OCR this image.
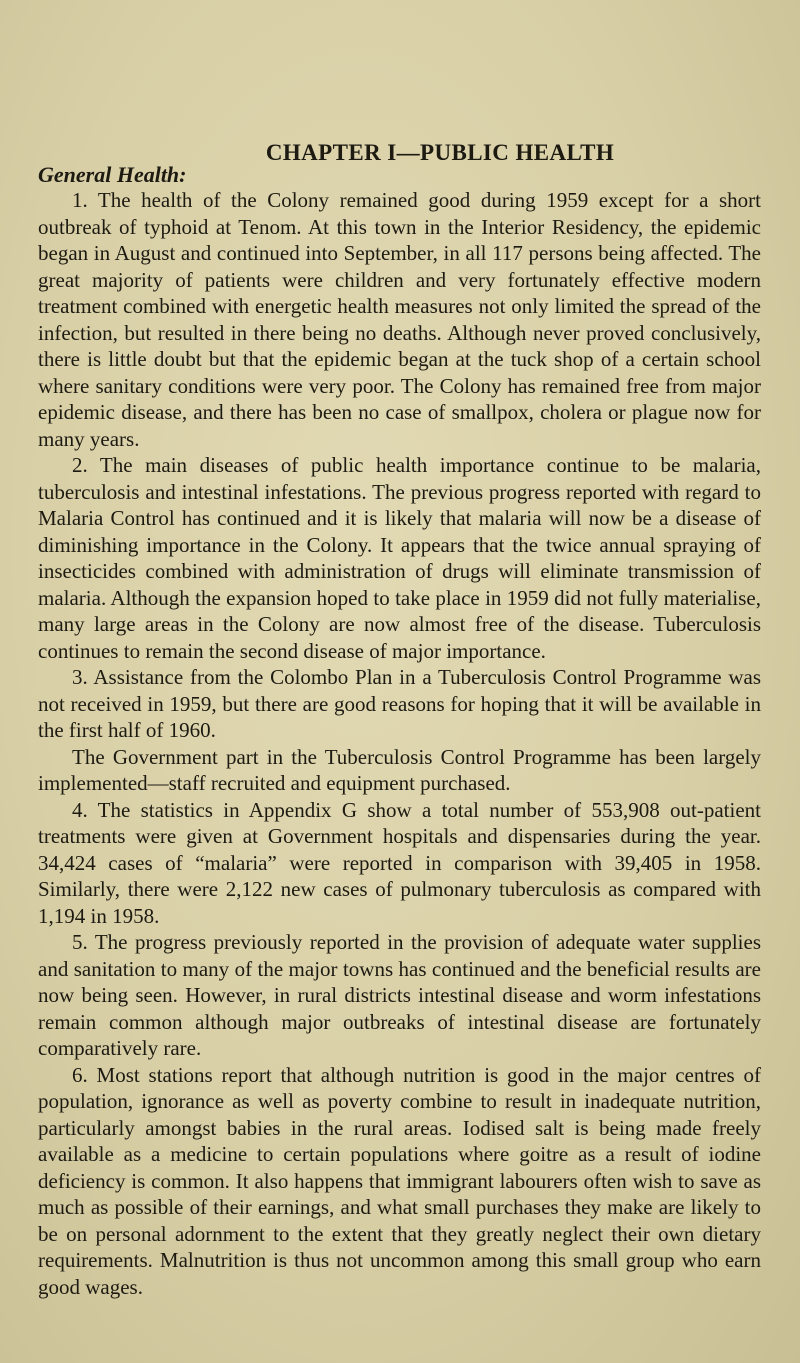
CHAPTER I—PUBLIC HEALTH
General Health:

1. The health of the Colony remained good during 1959 except for a short outbreak of typhoid at Tenom. At this town in the Interior Residency, the epidemic began in August and continued into September, in all 117 persons being affected. The great majority of patients were children and very fortunately effective modern treatment combined with energetic health measures not only limited the spread of the infection, but resulted in there being no deaths. Although never proved conclusively, there is little doubt but that the epidemic began at the tuck shop of a certain school where sanitary conditions were very poor. The Colony has remained free from major epidemic disease, and there has been no case of smallpox, cholera or plague now for many years.

2. The main diseases of public health importance continue to be malaria, tuberculosis and intestinal infestations. The previous progress reported with regard to Malaria Control has continued and it is likely that malaria will now be a disease of diminishing importance in the Colony. It appears that the twice annual spraying of insecticides combined with administration of drugs will eliminate transmission of malaria. Although the expansion hoped to take place in 1959 did not fully materialise, many large areas in the Colony are now almost free of the disease. Tuberculosis continues to remain the second disease of major importance.

3. Assistance from the Colombo Plan in a Tuberculosis Control Programme was not received in 1959, but there are good reasons for hoping that it will be available in the first half of 1960.

The Government part in the Tuberculosis Control Programme has been largely implemented—staff recruited and equipment purchased.

4. The statistics in Appendix G show a total number of 553,908 out-patient treatments were given at Government hospitals and dispensaries during the year. 34,424 cases of “malaria” were reported in comparison with 39,405 in 1958. Similarly, there were 2,122 new cases of pulmonary tuberculosis as compared with 1,194 in 1958.

5. The progress previously reported in the provision of adequate water supplies and sanitation to many of the major towns has continued and the beneficial results are now being seen. However, in rural districts intestinal disease and worm infestations remain common although major outbreaks of intestinal disease are fortunately comparatively rare.

6. Most stations report that although nutrition is good in the major centres of population, ignorance as well as poverty combine to result in inadequate nutrition, particularly amongst babies in the rural areas. Iodised salt is being made freely available as a medicine to certain populations where goitre as a result of iodine deficiency is common. It also happens that immigrant labourers often wish to save as much as possible of their earnings, and what small purchases they make are likely to be on personal adornment to the extent that they greatly neglect their own dietary requirements. Malnutrition is thus not uncommon among this small group who earn good wages.
